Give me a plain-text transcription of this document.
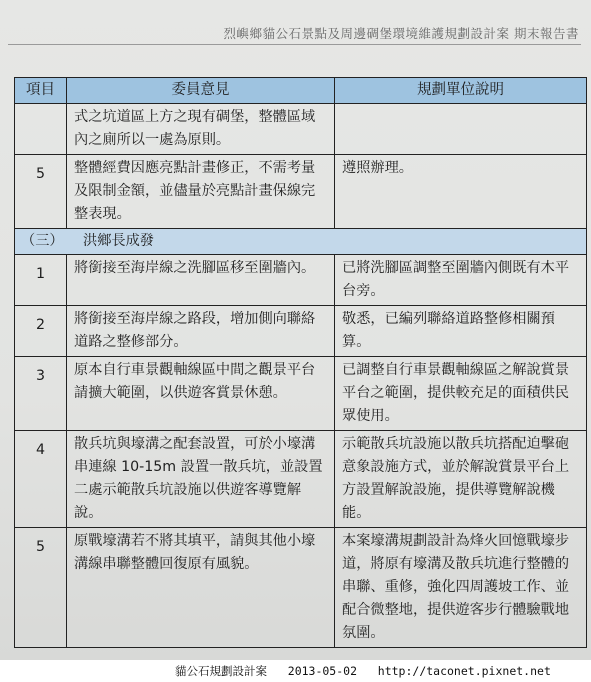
烈嶼鄉貓公石景點及周邊碉堡環境維護規劃設計案 期末報告書
項目	委員意見	規劃單位說明
	式之坑道區上方之現有碉堡，整體區域內之廁所以一處為原則。	
5	整體經費因應亮點計畫修正，不需考量及限制金額，並儘量於亮點計畫保線完整表現。	遵照辦理。
（三） 洪鄉長成發		
1	將銜接至海岸線之洗腳區移至圍牆內。	已將洗腳區調整至圍牆內側既有木平台旁。
2	將銜接至海岸線之路段，增加側向聯絡道路之整修部分。	敬悉，已編列聯絡道路整修相關預算。
3	原本自行車景觀軸線區中間之觀景平台請擴大範圍，以供遊客賞景休憩。	已調整自行車景觀軸線區之解說賞景平台之範圍，提供較充足的面積供民眾使用。
4	散兵坑與壕溝之配套設置，可於小壕溝串連線 10-15m 設置一散兵坑，並設置二處示範散兵坑設施以供遊客導覽解說。	示範散兵坑設施以散兵坑搭配迫擊砲意象設施方式，並於解說賞景平台上方設置解說設施，提供導覽解說機能。
5	原戰壕溝若不將其填平，請與其他小壕溝線串聯整體回復原有風貌。	本案壕溝規劃設計為烽火回憶戰壕步道，將原有壕溝及散兵坑進行整體的串聯、重修，強化四周護坡工作、並配合微整地，提供遊客步行體驗戰地氛圍。
貓公石規劃設計案   2013-05-02   http://taconet.pixnet.net
